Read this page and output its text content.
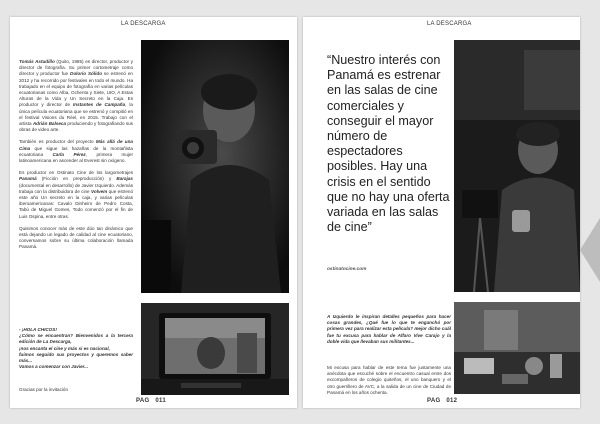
LA DESCARGA

Tomás Astudillo (Quito, 1985) es director, productor y director de fotografía. Su primer cortometraje como director y productor fue Dolorio Sólido se estrenó en 2012 y ha recorrido por festivales en todo el mundo. Ha trabajado en el equipo de fotografía en varias películas ecuatorianas como Alba, Ochenta y Siete, UIO, A Estas Alturas de la Vida y Un Secreto en la Caja. Es productor y director de Instantes de Campaña, la única película ecuatoriana que se estrenó y compitió en el festival Visions du Réel, en 2015. Trabajo con el artista Adrián Balseca produciendo y fotografiando sus obras de video arte.

También es productor del proyecto Más allá de una Cima que sigue las hazañas de la montañista ecuatoriana Carla Pérez, primera mujer latinoamericana en ascender al Everest sin oxígeno.

Es productor en Ostinato Cine de los largometrajes Panamá (Ficción en preproducción) y Barajas (documental en desarrollo) de Javier Izquierdo. Además trabaja con la distribuidora de cine Volvem que estrenó este año Un secreto en la caja, y varias películas iberoamericanas: Cavalo Dinheiro de Pedro Costa, Tabú de Miguel Gomes, Todo comenzó por el fin de Luis Ospina, entre otras.

Quisimos conocer más de este dúo tan dinámico que está dejando un legado de calidad al cine ecuatoriano, conversamos sobre su última colaboración llamada Panamá.

- ¡HOLA CHICOS!
¿Cómo se encuentran? Bienvenidos a la tercera edición de La Descarga,
¡nos encanta el cine y más si es nacional,
fuimos seguido sus proyectos y queremos saber más...
Vamos a comenzar con Javier...
Gracias por la invitación
PAG 011
LA DESCARGA
“Nuestro interés con Panamá es estrenar en las salas de cine comerciales y conseguir el mayor número de espectadores posibles. Hay una crisis en el sentido que no hay una oferta variada en las salas de cine”
ostinatocine.com
A Izquierdo le inspiran detalles pequeños para hacer cosas grandes, ¿Qué fue lo que te enganchó por primera vez para realizar esta película? mejor dicho cuál fue tu excusa para hablar de Alfaro Vive Carajo y la doble vida que llevaban sus militantes...
Mi excusa para hablar de este tema fue justamente una anécdota que escuché sobre el encuentro casual entre dos excompañeros de colegio quiteños, el uno banquero y el otro guerrillero de AVC, a la salida de un cine de Ciudad de Panamá en los años ochenta.
PAG 012
